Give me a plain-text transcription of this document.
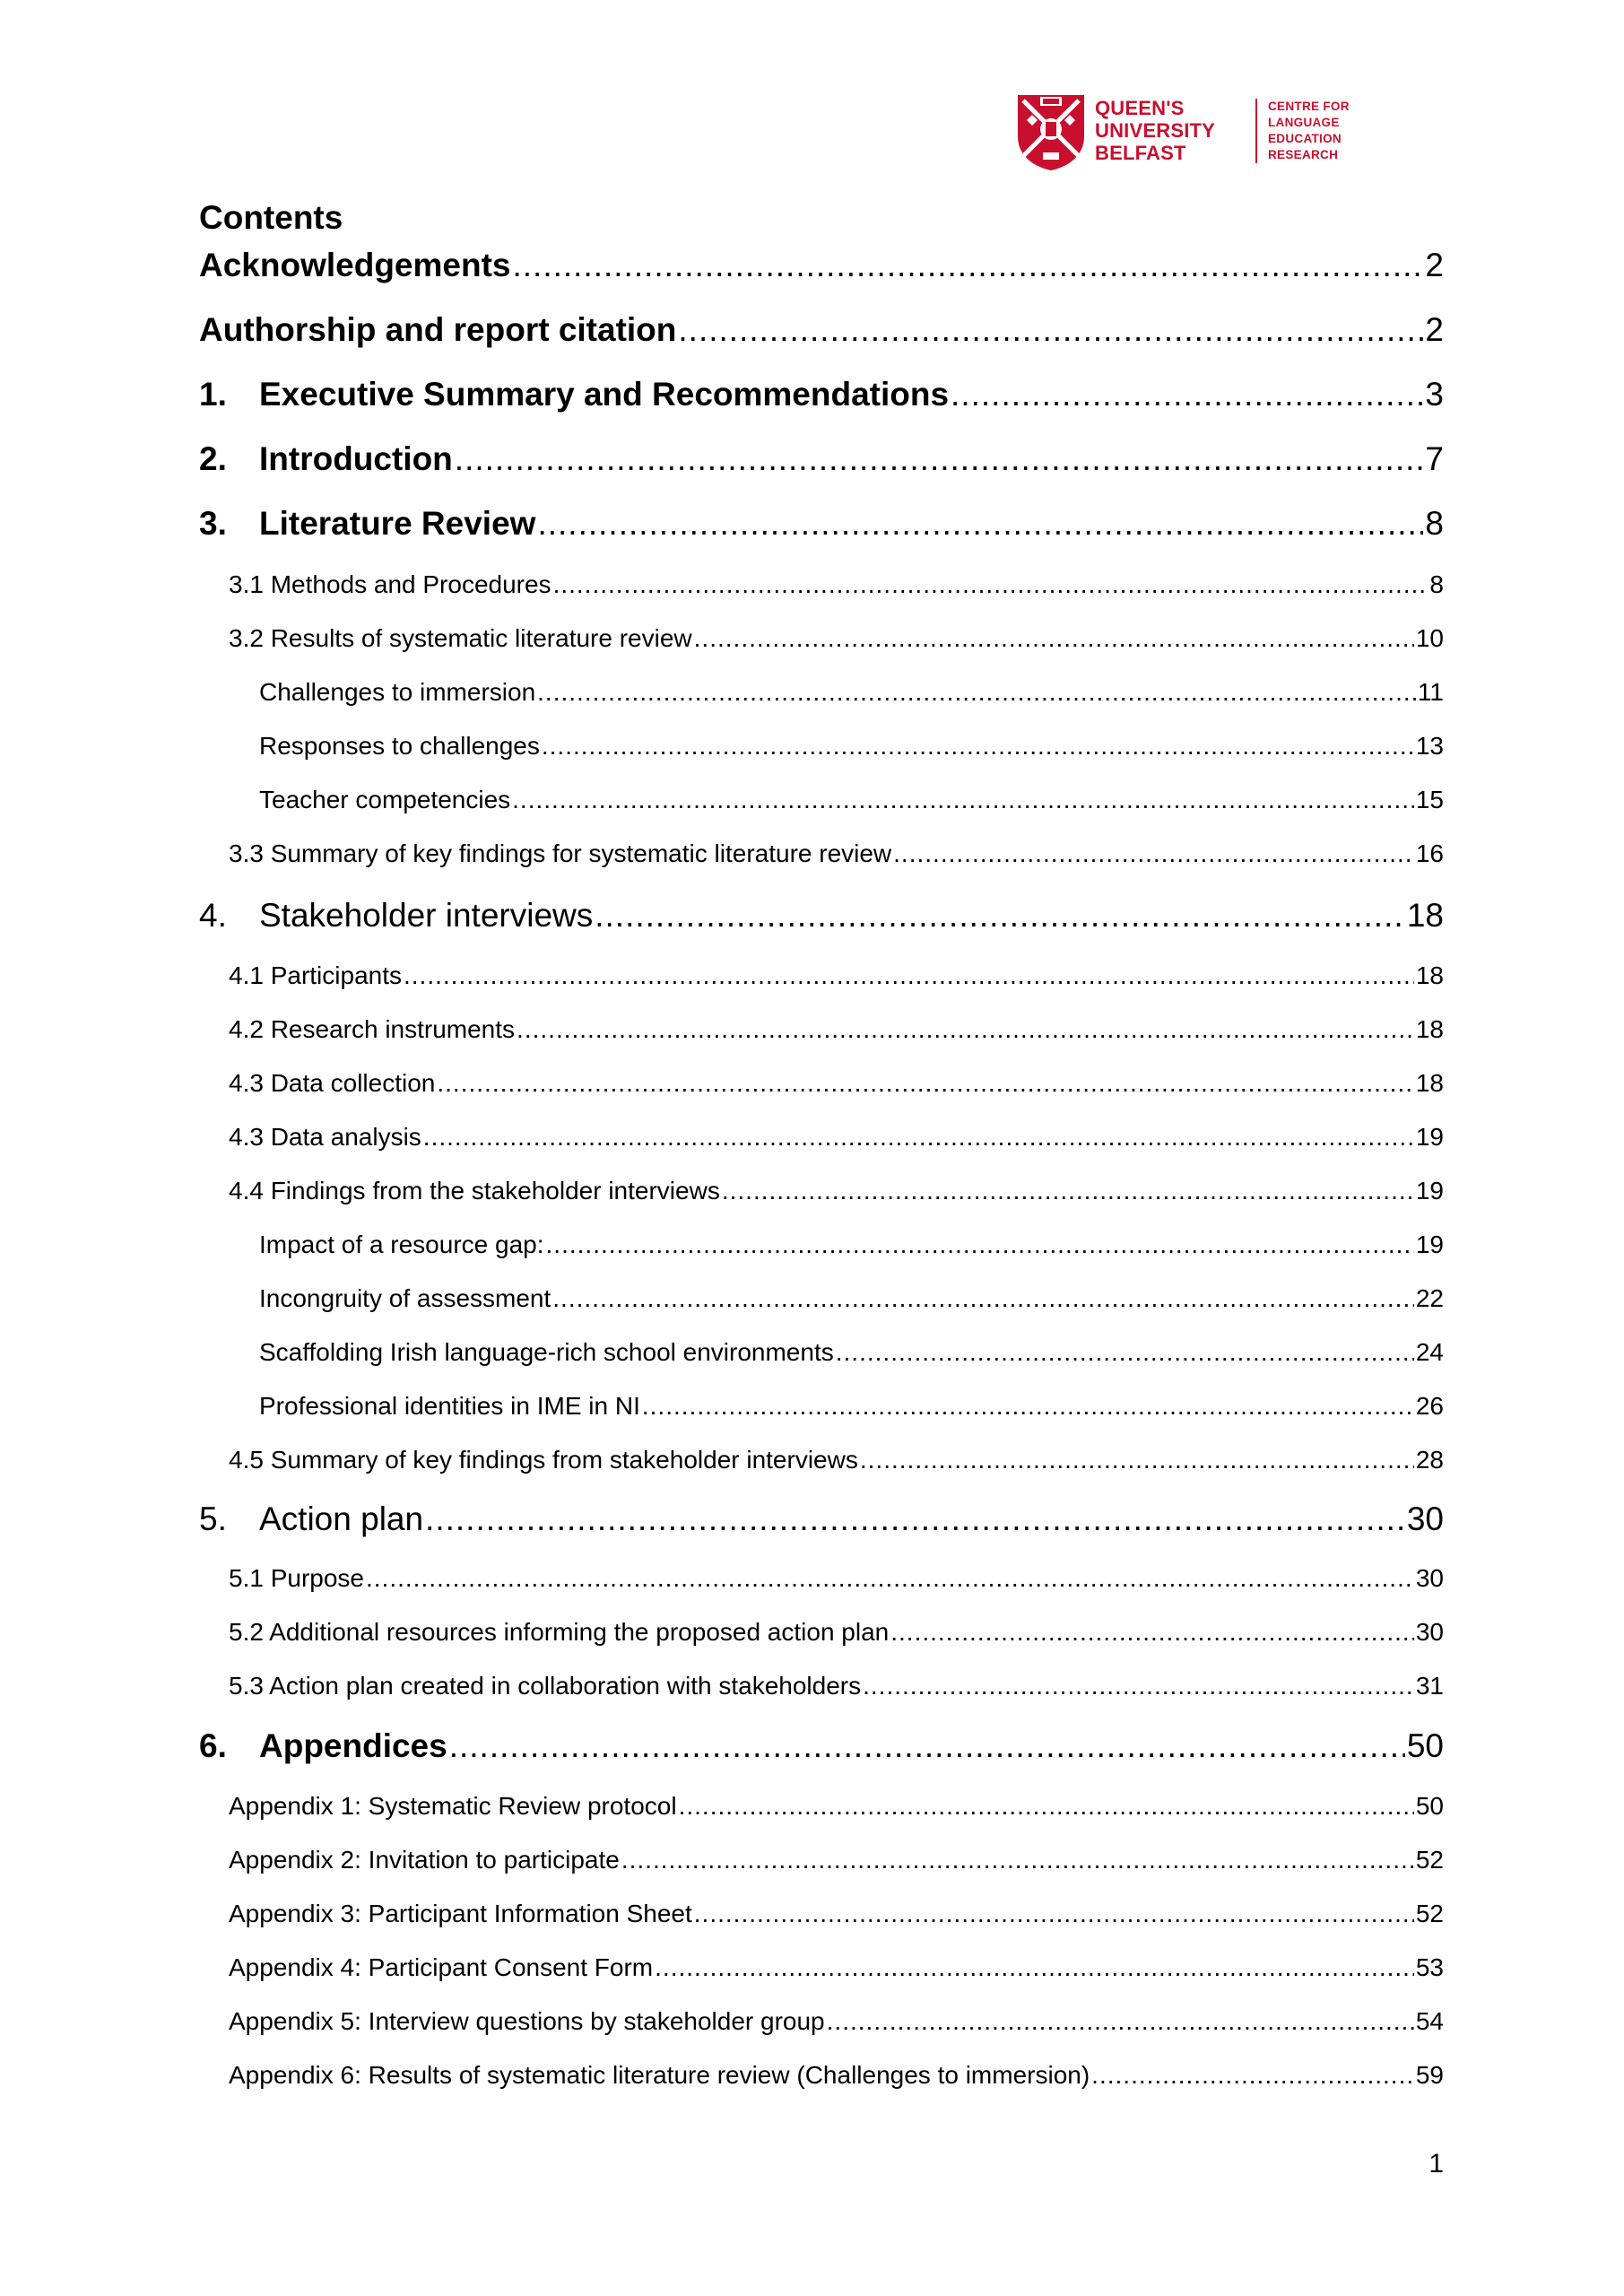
QUEEN'S
UNIVERSITY
BELFAST
CENTRE FOR
LANGUAGE
EDUCATION
RESEARCH
Contents
Acknowledgements .....	2
Authorship and report citation .....	2
1. Executive Summary and Recommendations .....	3
2. Introduction .....	7
3. Literature Review .....	8
3.1 Methods and Procedures .....	8
3.2 Results of systematic literature review .....	10
Challenges to immersion .....	11
Responses to challenges .....	13
Teacher competencies .....	15
3.3 Summary of key findings for systematic literature review .....	16
4. Stakeholder interviews .....	18
4.1 Participants .....	18
4.2 Research instruments .....	18
4.3 Data collection .....	18
4.3 Data analysis .....	19
4.4 Findings from the stakeholder interviews .....	19
Impact of a resource gap: .....	19
Incongruity of assessment .....	22
Scaffolding Irish language-rich school environments .....	24
Professional identities in IME in NI .....	26
4.5 Summary of key findings from stakeholder interviews .....	28
5. Action plan .....	30
5.1 Purpose .....	30
5.2 Additional resources informing the proposed action plan .....	30
5.3 Action plan created in collaboration with stakeholders .....	31
6. Appendices .....	50
Appendix 1: Systematic Review protocol .....	50
Appendix 2: Invitation to participate .....	52
Appendix 3: Participant Information Sheet .....	52
Appendix 4: Participant Consent Form .....	53
Appendix 5: Interview questions by stakeholder group .....	54
Appendix 6: Results of systematic literature review (Challenges to immersion) .....	59
1
